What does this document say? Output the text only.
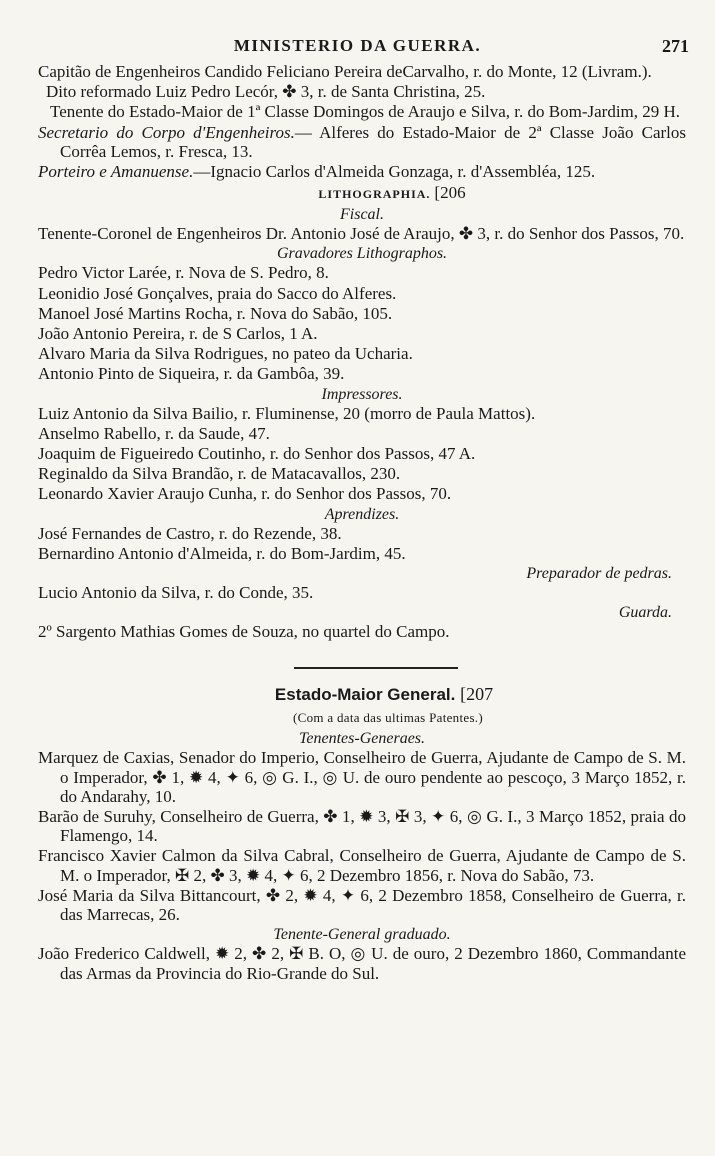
MINISTERIO DA GUERRA.	271

Capitão de Engenheiros Candido Feliciano Pereira deCarvalho, r. do Monte, 12 (Livram.).

Dito reformado Luiz Pedro Lecór, ✤ 3, r. de Santa Christina, 25.

Tenente do Estado-Maior de 1ª Classe Domingos de Araujo e Silva, r. do Bom-Jardim, 29 H.

Secretario do Corpo d'Engenheiros.— Alferes do Estado-Maior de 2ª Classe João Carlos Corrêa Lemos, r. Fresca, 13.

Porteiro e Amanuense.—Ignacio Carlos d'Almeida Gonzaga, r. d'Assembléa, 125.

LITHOGRAPHIA. [206
Fiscal.

Tenente-Coronel de Engenheiros Dr. Antonio José de Araujo, ✤ 3, r. do Senhor dos Passos, 70.

Gravadores Lithographos.

Pedro Victor Larée, r. Nova de S. Pedro, 8.

Leonidio José Gonçalves, praia do Sacco do Alferes.

Manoel José Martins Rocha, r. Nova do Sabão, 105.

João Antonio Pereira, r. de S Carlos, 1 A.

Alvaro Maria da Silva Rodrigues, no pateo da Ucharia.

Antonio Pinto de Siqueira, r. da Gambôa, 39.

Impressores.

Luiz Antonio da Silva Bailio, r. Fluminense, 20 (morro de Paula Mattos).

Anselmo Rabello, r. da Saude, 47.

Joaquim de Figueiredo Coutinho, r. do Senhor dos Passos, 47 A.

Reginaldo da Silva Brandão, r. de Matacavallos, 230.

Leonardo Xavier Araujo Cunha, r. do Senhor dos Passos, 70.

Aprendizes.

José Fernandes de Castro, r. do Rezende, 38.

Bernardino Antonio d'Almeida, r. do Bom-Jardim, 45.

Preparador de pedras.

Lucio Antonio da Silva, r. do Conde, 35.

Guarda.

2º Sargento Mathias Gomes de Souza, no quartel do Campo.

Estado-Maior General. [207
(Com a data das ultimas Patentes.)
Tenentes-Generaes.

Marquez de Caxias, Senador do Imperio, Conselheiro de Guerra, Ajudante de Campo de S. M. o Imperador, ✤ 1, ✹ 4, ✦ 6, ◎ G. I., ◎ U. de ouro pendente ao pescoço, 3 Março 1852, r. do Andarahy, 10.

Barão de Suruhy, Conselheiro de Guerra, ✤ 1, ✹ 3, ✠ 3, ✦ 6, ◎ G. I., 3 Março 1852, praia do Flamengo, 14.

Francisco Xavier Calmon da Silva Cabral, Conselheiro de Guerra, Ajudante de Campo de S. M. o Imperador, ✠ 2, ✤ 3, ✹ 4, ✦ 6, 2 Dezembro 1856, r. Nova do Sabão, 73.

José Maria da Silva Bittancourt, ✤ 2, ✹ 4, ✦ 6, 2 Dezembro 1858, Conselheiro de Guerra, r. das Marrecas, 26.

Tenente-General graduado.

João Frederico Caldwell, ✹ 2, ✤ 2, ✠ B. O, ◎ U. de ouro, 2 Dezembro 1860, Commandante das Armas da Provincia do Rio-Grande do Sul.
